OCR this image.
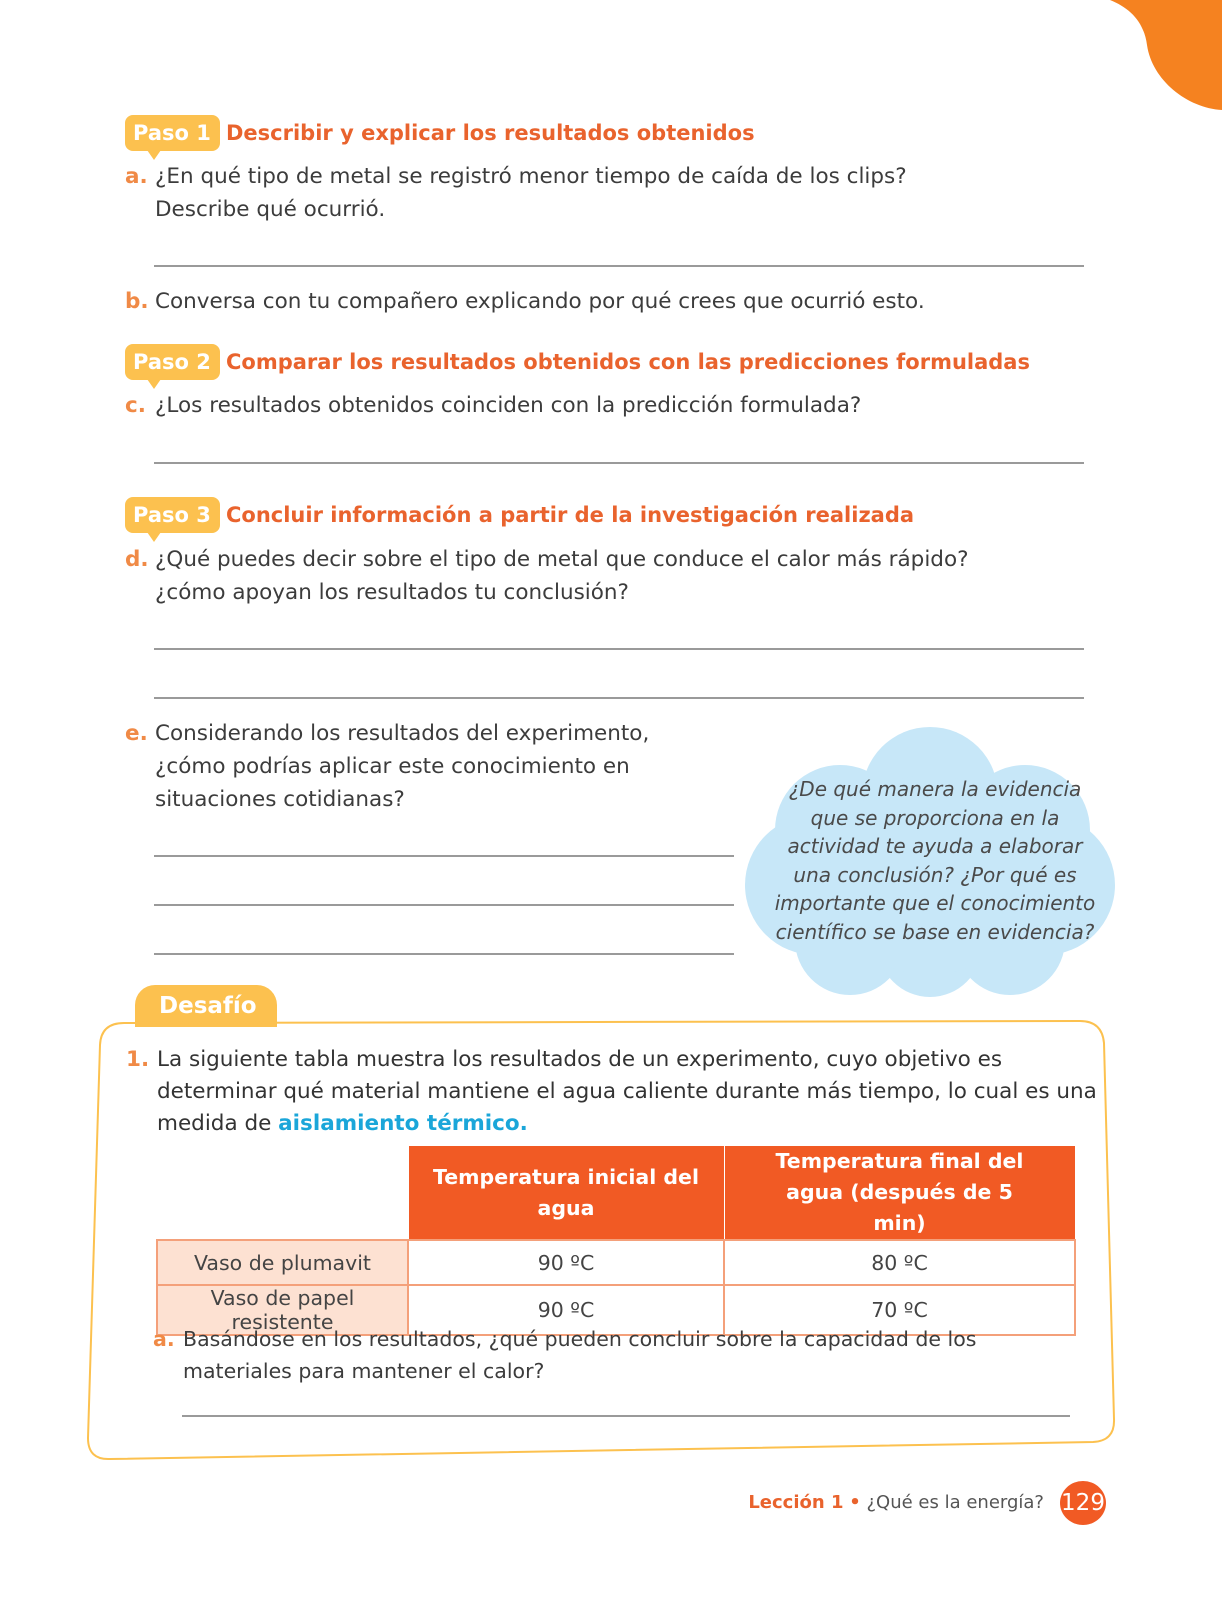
Paso 1 Describir y explicar los resultados obtenidos
a. ¿En qué tipo de metal se registró menor tiempo de caída de los clips? Describe qué ocurrió.
b. Conversa con tu compañero explicando por qué crees que ocurrió esto.
Paso 2 Comparar los resultados obtenidos con las predicciones formuladas
c. ¿Los resultados obtenidos coinciden con la predicción formulada?
Paso 3 Concluir información a partir de la investigación realizada
d. ¿Qué puedes decir sobre el tipo de metal que conduce el calor más rápido? ¿cómo apoyan los resultados tu conclusión?
e. Considerando los resultados del experimento, ¿cómo podrías aplicar este conocimiento en situaciones cotidianas?	¿De qué manera la evidencia que se proporciona en la actividad te ayuda a elaborar una conclusión? ¿Por qué es importante que el conocimiento científico se base en evidencia?
Desafío
1. La siguiente tabla muestra los resultados de un experimento, cuyo objetivo es determinar qué material mantiene el agua caliente durante más tiempo, lo cual es una medida de aislamiento térmico.
	Temperatura inicial del agua	Temperatura final del agua (después de 5 min)
Vaso de plumavit	90 ºC	80 ºC
Vaso de papel resistente	90 ºC	70 ºC
a. Basándose en los resultados, ¿qué pueden concluir sobre la capacidad de los materiales para mantener el calor?
Lección 1 • ¿Qué es la energía? 129
